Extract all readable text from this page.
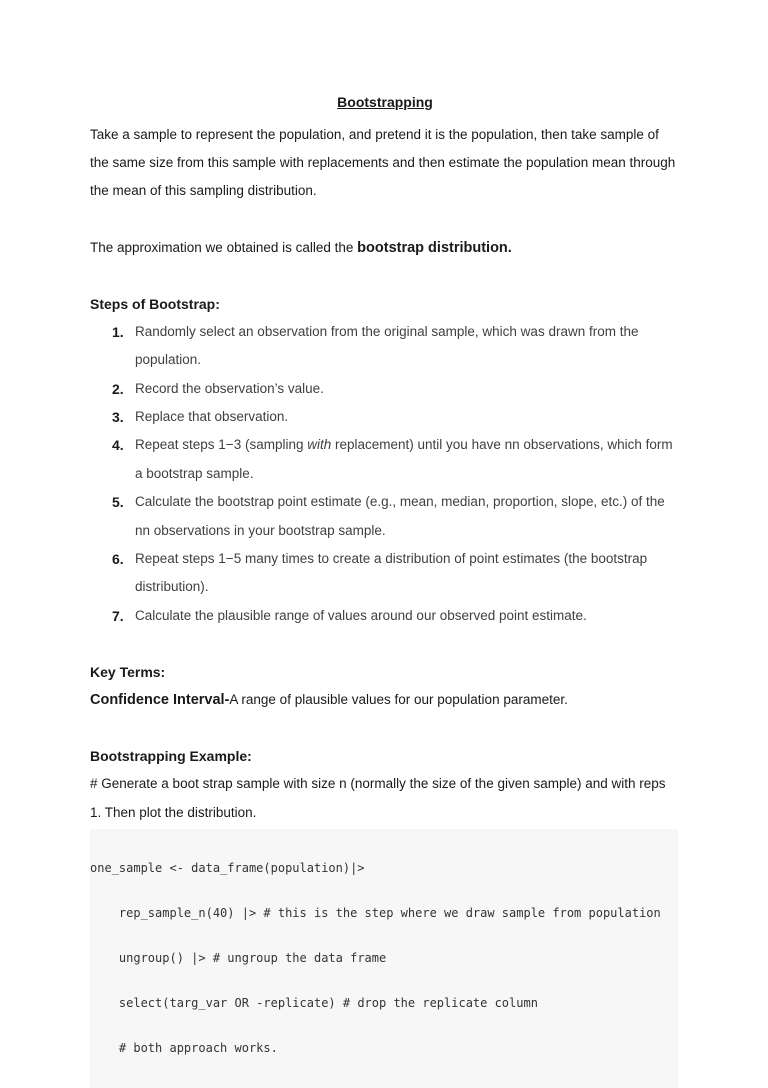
Bootstrapping

Take a sample to represent the population, and pretend it is the population, then take sample of the same size from this sample with replacements and then estimate the population mean through the mean of this sampling distribution.

The approximation we obtained is called the bootstrap distribution.

Steps of Bootstrap:

1. Randomly select an observation from the original sample, which was drawn from the population.
2. Record the observation’s value.
3. Replace that observation.
4. Repeat steps 1−3 (sampling with replacement) until you have nn observations, which form a bootstrap sample.
5. Calculate the bootstrap point estimate (e.g., mean, median, proportion, slope, etc.) of the nn observations in your bootstrap sample.
6. Repeat steps 1−5 many times to create a distribution of point estimates (the bootstrap distribution).
7. Calculate the plausible range of values around our observed point estimate.

Key Terms:

Confidence Interval-A range of plausible values for our population parameter.

Bootstrapping Example:

# Generate a boot strap sample with size n (normally the size of the given sample) and with reps 1. Then plot the distribution.

one_sample <- data_frame(population)|>

rep_sample_n(40) |> # this is the step where we draw sample from population

ungroup() |> # ungroup the data frame

select(targ_var OR -replicate) # drop the replicate column

# both approach works.
